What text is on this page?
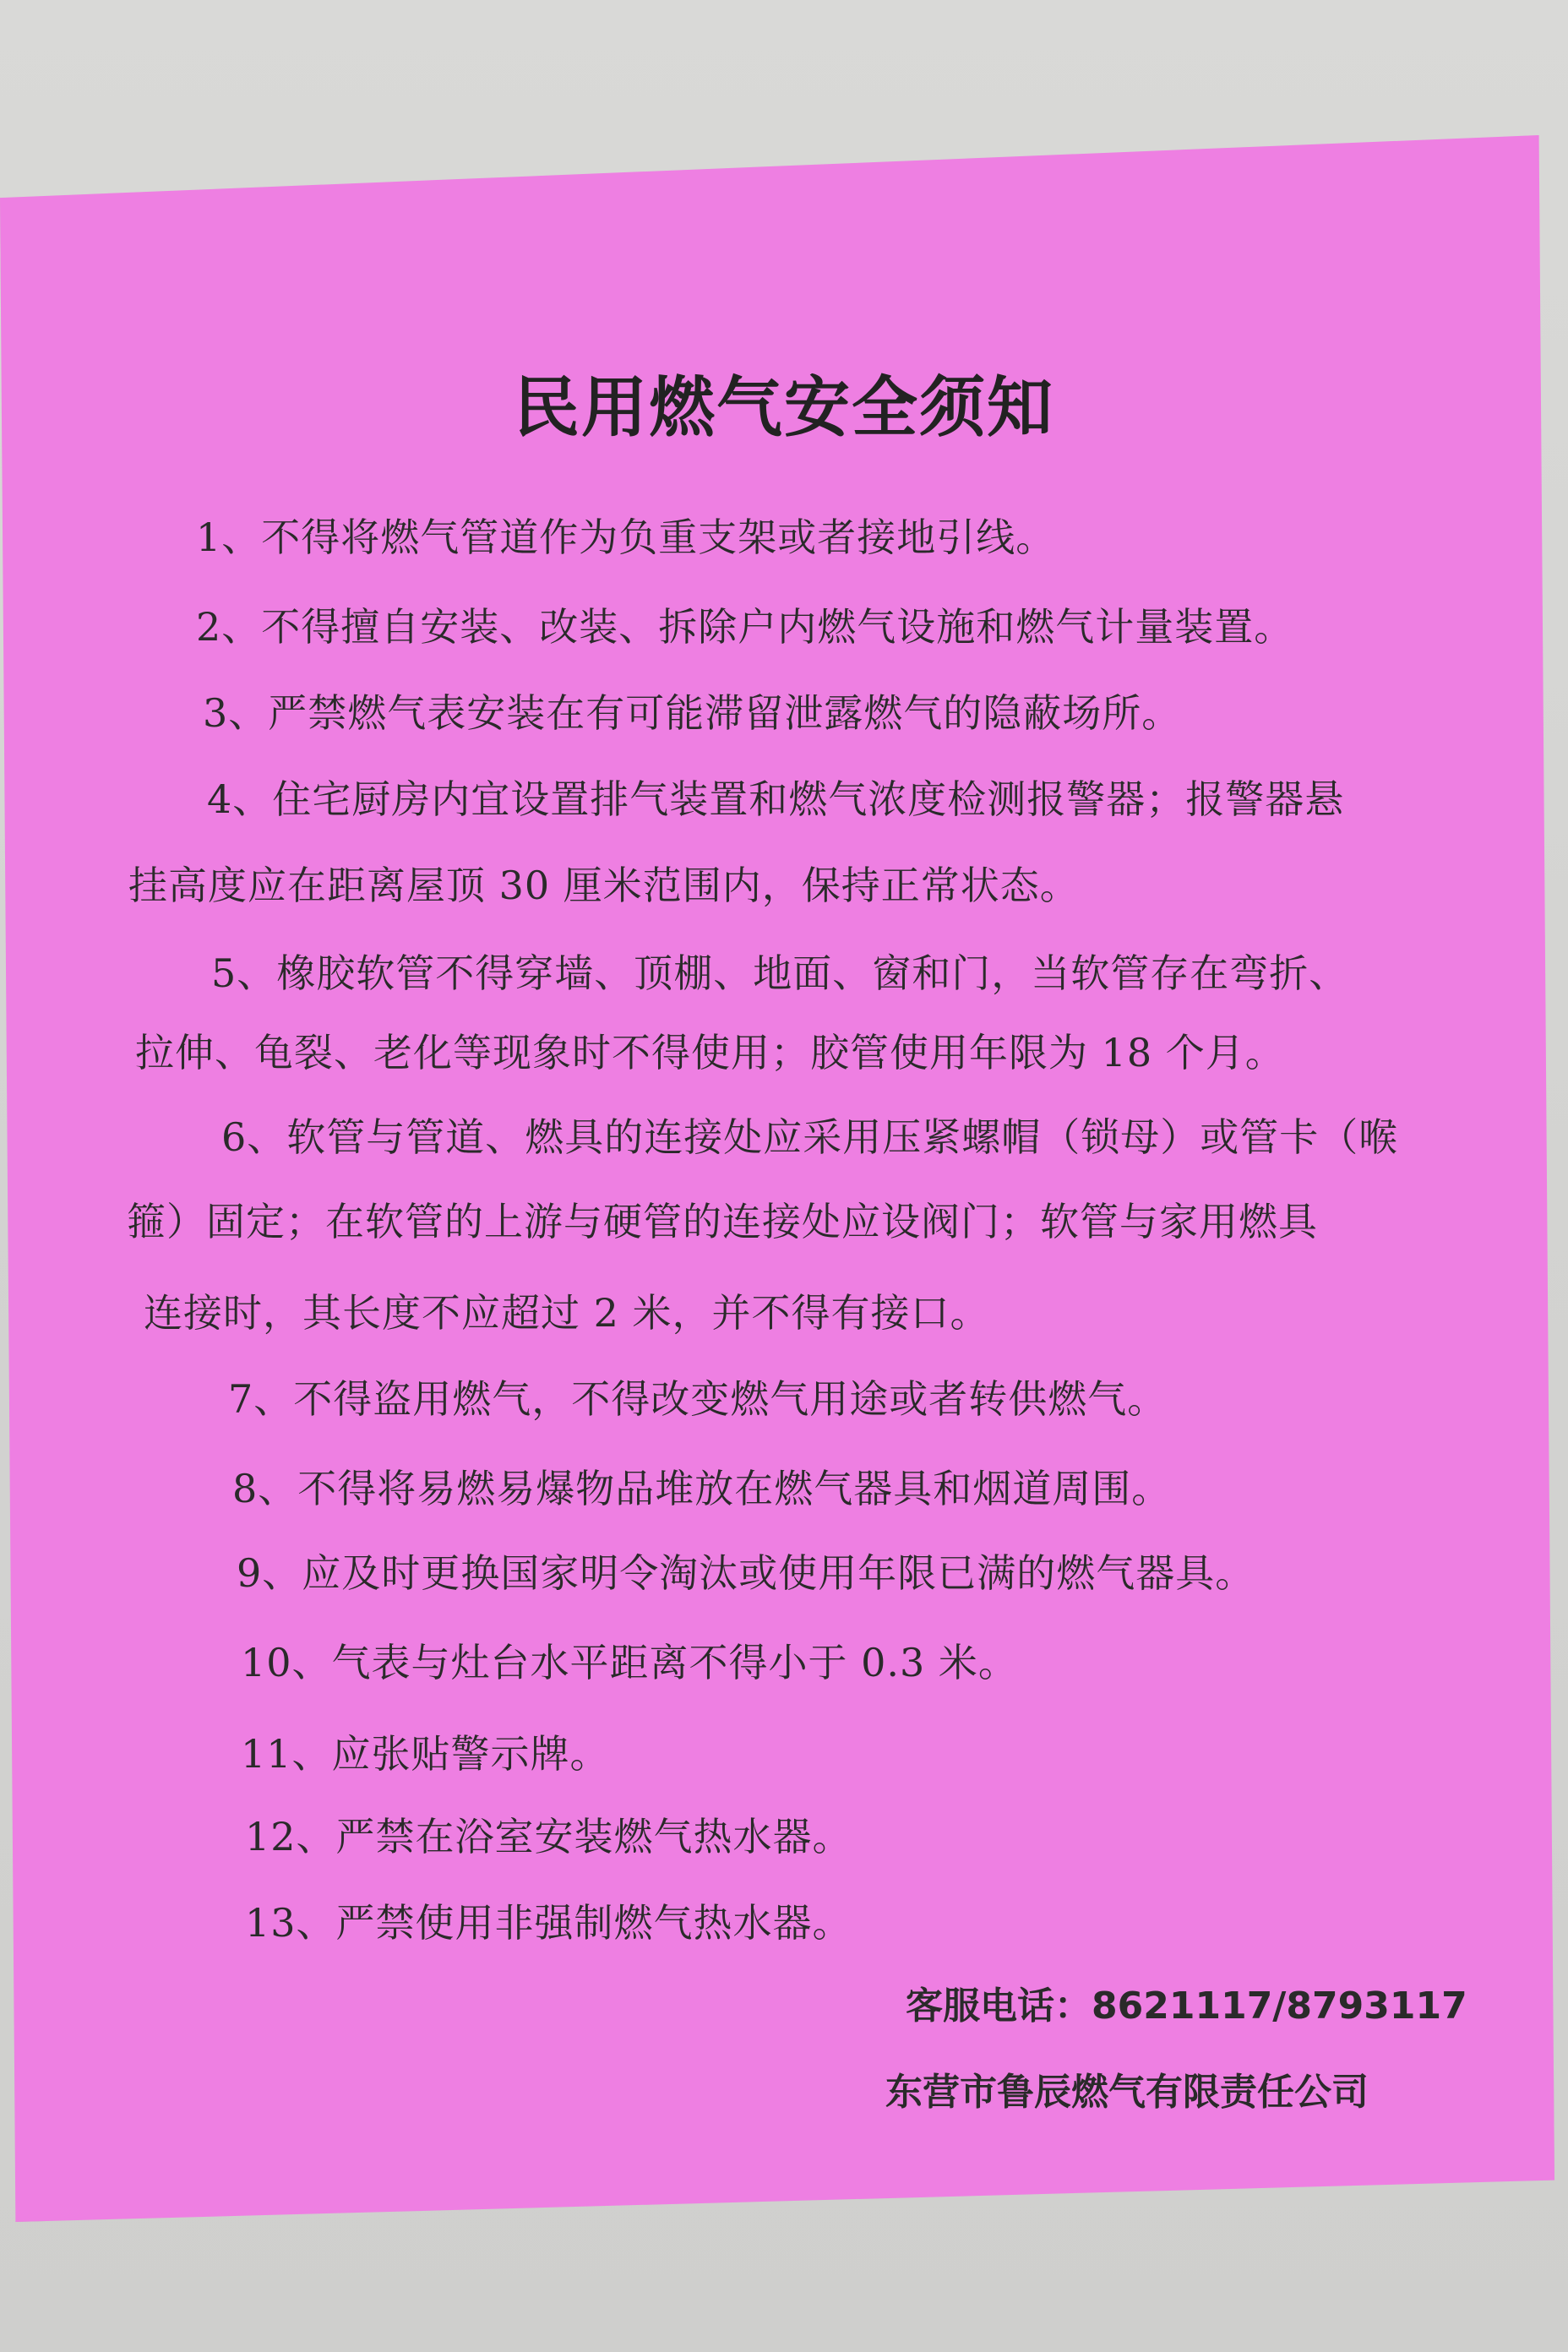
民用燃气安全须知
1、不得将燃气管道作为负重支架或者接地引线。
2、不得擅自安装、改装、拆除户内燃气设施和燃气计量装置。
3、严禁燃气表安装在有可能滞留泄露燃气的隐蔽场所。
4、住宅厨房内宜设置排气装置和燃气浓度检测报警器；报警器悬
挂高度应在距离屋顶 30 厘米范围内，保持正常状态。
5、橡胶软管不得穿墙、顶棚、地面、窗和门，当软管存在弯折、
拉伸、龟裂、老化等现象时不得使用；胶管使用年限为 18 个月。
6、软管与管道、燃具的连接处应采用压紧螺帽（锁母）或管卡（喉
箍）固定；在软管的上游与硬管的连接处应设阀门；软管与家用燃具
连接时，其长度不应超过 2 米，并不得有接口。
7、不得盗用燃气，不得改变燃气用途或者转供燃气。
8、不得将易燃易爆物品堆放在燃气器具和烟道周围。
9、应及时更换国家明令淘汰或使用年限已满的燃气器具。
10、气表与灶台水平距离不得小于 0.3 米。
11、应张贴警示牌。
12、严禁在浴室安装燃气热水器。
13、严禁使用非强制燃气热水器。
客服电话：8621117/8793117
东营市鲁辰燃气有限责任公司
